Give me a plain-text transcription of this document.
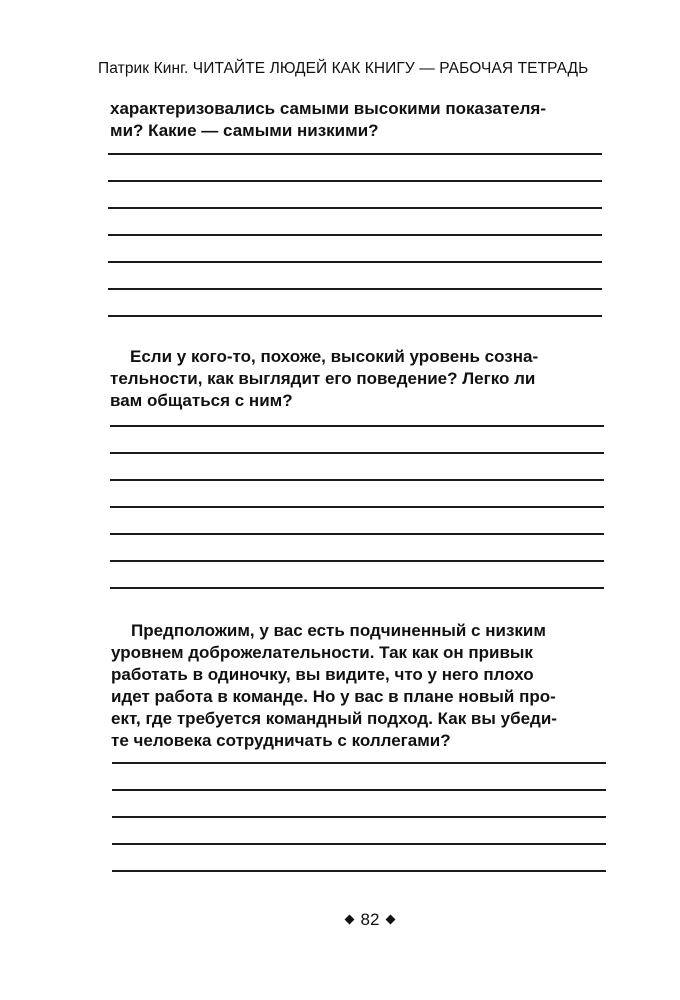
Патрик Кинг. ЧИТАЙТЕ ЛЮДЕЙ КАК КНИГУ — РАБОЧАЯ ТЕТРАДЬ
характеризовались самыми высокими показателя-
ми? Какие — самыми низкими?
Если у кого-то, похоже, высокий уровень созна-
тельности, как выглядит его поведение? Легко ли
вам общаться с ним?
Предположим, у вас есть подчиненный с низким
уровнем доброжелательности. Так как он привык
работать в одиночку, вы видите, что у него плохо
идет работа в команде. Но у вас в плане новый про-
ект, где требуется командный подход. Как вы убеди-
те человека сотрудничать с коллегами?
82
